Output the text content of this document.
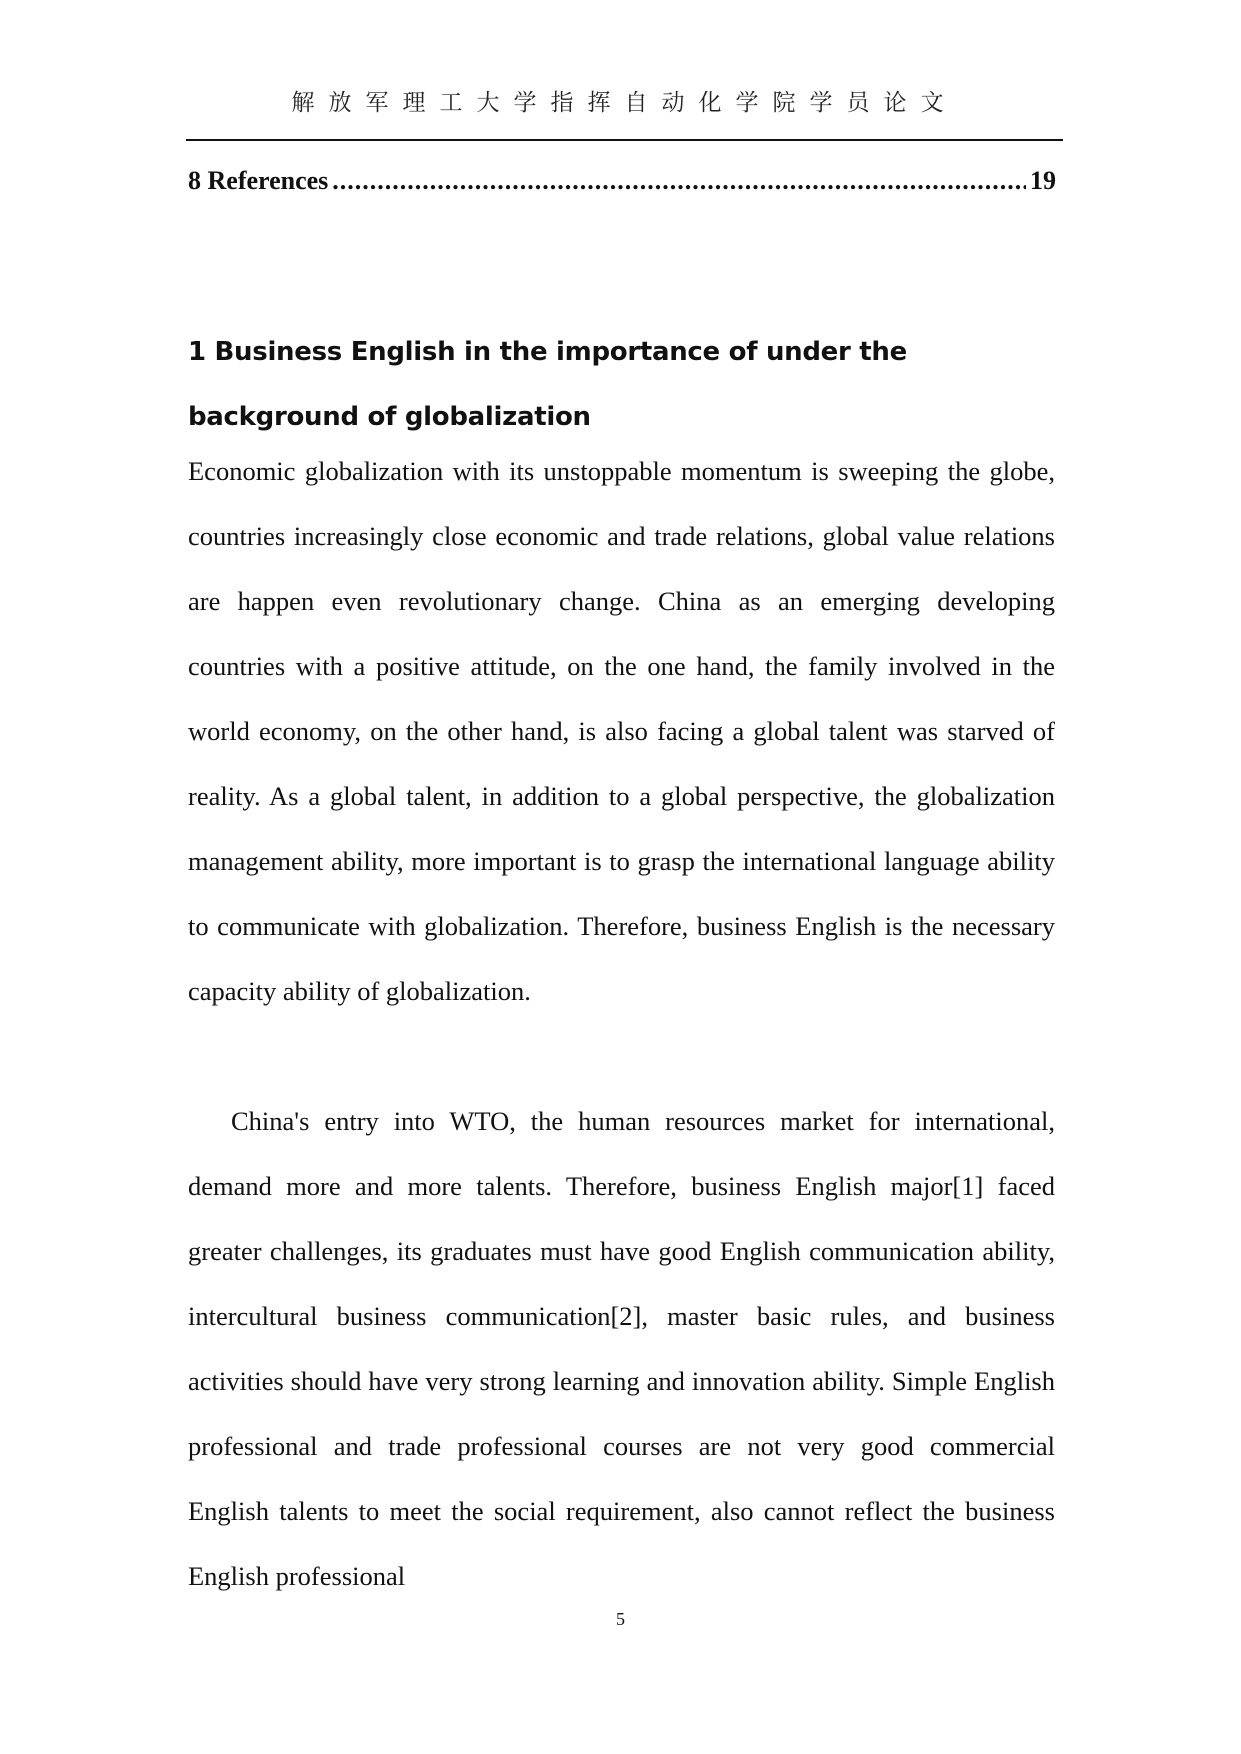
解放军理工大学指挥自动化学院学员论文
8 References
.....	19
1 Business English in the importance of under the background of globalization

Economic globalization with its unstoppable momentum is sweeping the globe, countries increasingly close economic and trade relations, global value relations are happen even revolutionary change. China as an emerging developing countries with a positive attitude, on the one hand, the family involved in the world economy, on the other hand, is also facing a global talent was starved of reality. As a global talent, in addition to a global perspective, the globalization management ability, more important is to grasp the international language ability to communicate with globalization. Therefore, business English is the necessary capacity ability of globalization.

China's entry into WTO, the human resources market for international, demand more and more talents. Therefore, business English major[1] faced greater challenges, its graduates must have good English communication ability, intercultural business communication[2], master basic rules, and business activities should have very strong learning and innovation ability. Simple English professional and trade professional courses are not very good commercial English talents to meet the social requirement, also cannot reflect the business English professional

5
